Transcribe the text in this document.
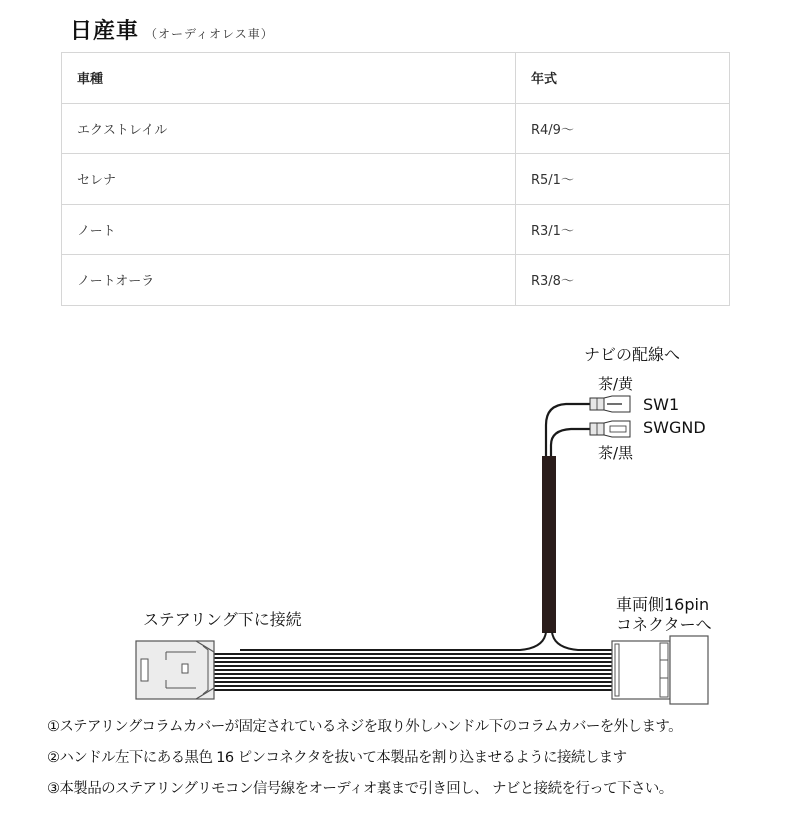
日産車 （オーディオレス車）
車種	年式
エクストレイル	R4/9～
セレナ	R5/1～
ノート	R3/1～
ノートオーラ	R3/8～
ナビの配線へ
茶/黄
SW1
SWGND
茶/黒
ステアリング下に接続
車両側16pin
コネクターへ

①ステアリングコラムカバーが固定されているネジを取り外しハンドル下のコラムカバーを外します。

②ハンドル左下にある黒色 16 ピンコネクタを抜いて本製品を割り込ませるように接続します

③本製品のステアリングリモコン信号線をオーディオ裏まで引き回し、 ナビと接続を行って下さい。
